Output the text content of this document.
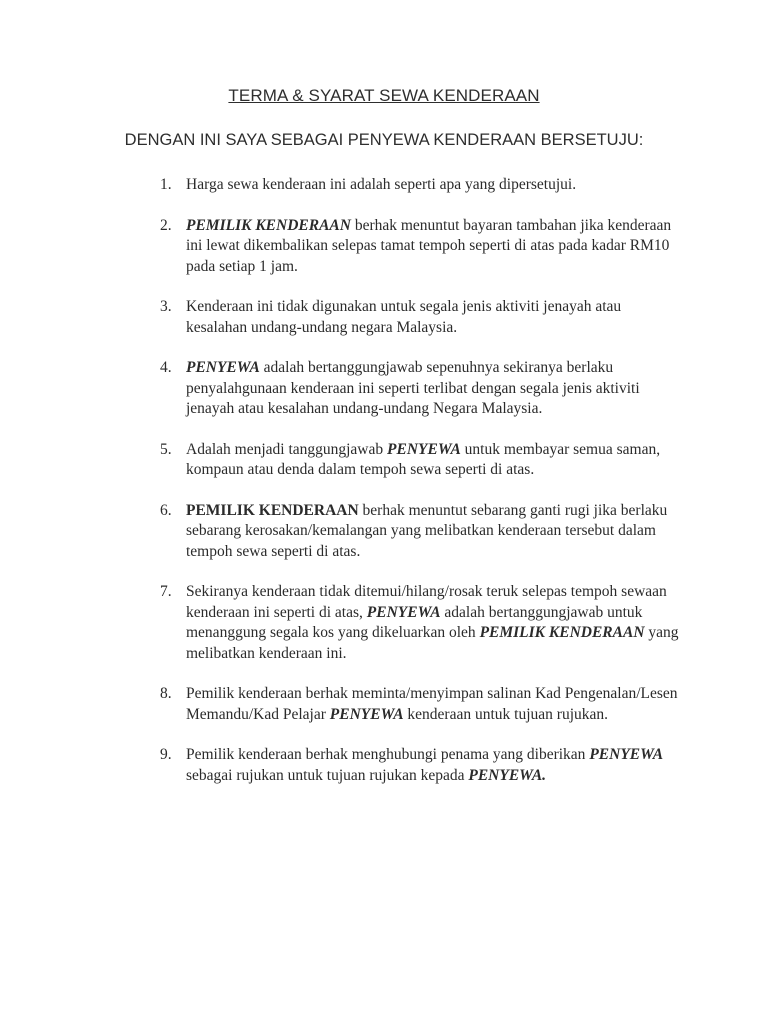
TERMA & SYARAT SEWA KENDERAAN
DENGAN INI SAYA SEBAGAI PENYEWA KENDERAAN BERSETUJU:
1. Harga sewa kenderaan ini adalah seperti apa yang dipersetujui.
2. PEMILIK KENDERAAN berhak menuntut bayaran tambahan jika kenderaan ini lewat dikembalikan selepas tamat tempoh seperti di atas pada kadar RM10 pada setiap 1 jam.
3. Kenderaan ini tidak digunakan untuk segala jenis aktiviti jenayah atau kesalahan undang-undang negara Malaysia.
4. PENYEWA adalah bertanggungjawab sepenuhnya sekiranya berlaku penyalahgunaan kenderaan ini seperti terlibat dengan segala jenis aktiviti jenayah atau kesalahan undang-undang Negara Malaysia.
5. Adalah menjadi tanggungjawab PENYEWA untuk membayar semua saman, kompaun atau denda dalam tempoh sewa seperti di atas.
6. PEMILIK KENDERAAN berhak menuntut sebarang ganti rugi jika berlaku sebarang kerosakan/kemalangan yang melibatkan kenderaan tersebut dalam tempoh sewa seperti di atas.
7. Sekiranya kenderaan tidak ditemui/hilang/rosak teruk selepas tempoh sewaan kenderaan ini seperti di atas, PENYEWA adalah bertanggungjawab untuk menanggung segala kos yang dikeluarkan oleh PEMILIK KENDERAAN yang melibatkan kenderaan ini.
8. Pemilik kenderaan berhak meminta/menyimpan salinan Kad Pengenalan/Lesen Memandu/Kad Pelajar PENYEWA kenderaan untuk tujuan rujukan.
9. Pemilik kenderaan berhak menghubungi penama yang diberikan PENYEWA sebagai rujukan untuk tujuan rujukan kepada PENYEWA.
